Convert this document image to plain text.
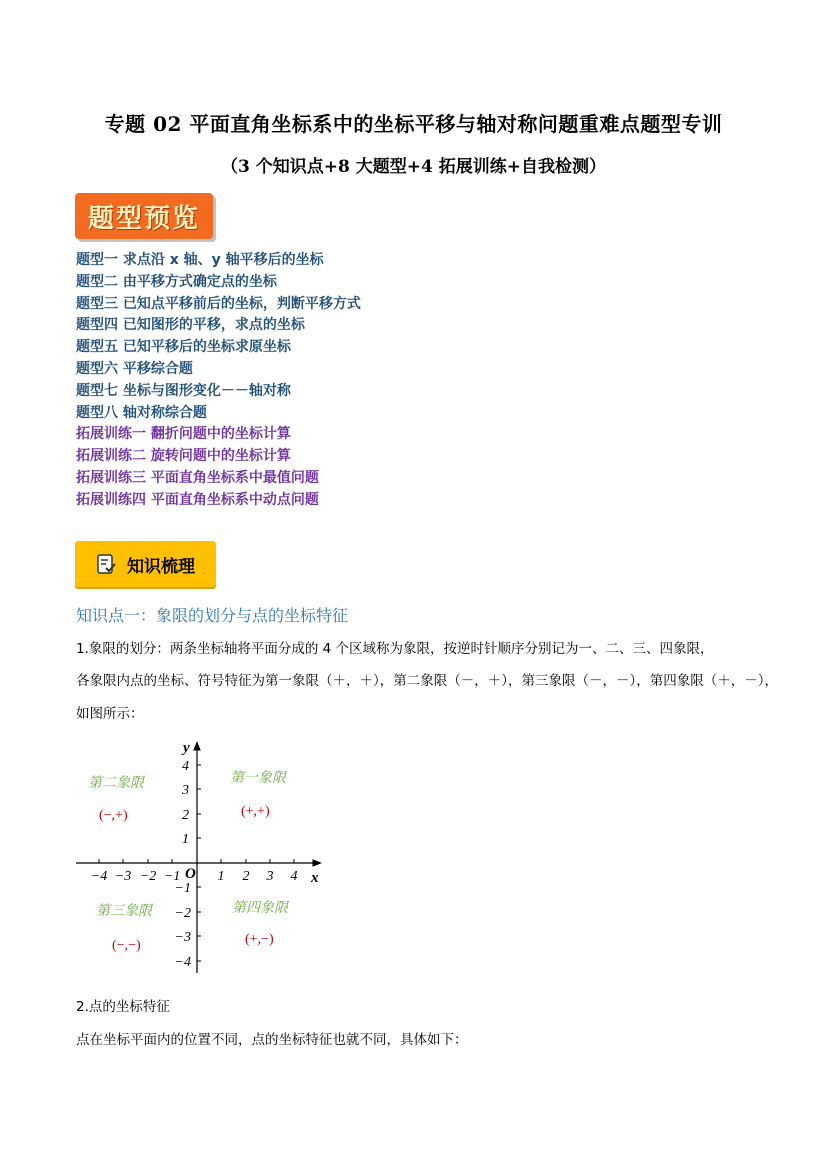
专题 02 平面直角坐标系中的坐标平移与轴对称问题重难点题型专训
（3 个知识点+8 大题型+4 拓展训练+自我检测）
题型预览
题型一 求点沿 x 轴、y 轴平移后的坐标
题型二 由平移方式确定点的坐标
题型三 已知点平移前后的坐标，判断平移方式
题型四 已知图形的平移，求点的坐标
题型五 已知平移后的坐标求原坐标
题型六 平移综合题
题型七 坐标与图形变化－－轴对称
题型八 轴对称综合题
拓展训练一 翻折问题中的坐标计算
拓展训练二 旋转问题中的坐标计算
拓展训练三 平面直角坐标系中最值问题
拓展训练四 平面直角坐标系中动点问题
知识梳理
知识点一：象限的划分与点的坐标特征
1.象限的划分：两条坐标轴将平面分成的 4 个区域称为象限，按逆时针顺序分别记为一、二、三、四象限，
各象限内点的坐标、符号特征为第一象限（＋，＋），第二象限（－，＋），第三象限（－，－），第四象限（＋，－），
如图所示：
−4 −3 −2 −1	1 2 3 4
4
3
2
1
−1
−2
−3
−4
O	x
y
第二象限	第一象限
第三象限	第四象限
(−,+)	(+,+)
(−,−)	(+,−)
2.点的坐标特征
点在坐标平面内的位置不同，点的坐标特征也就不同，具体如下：
